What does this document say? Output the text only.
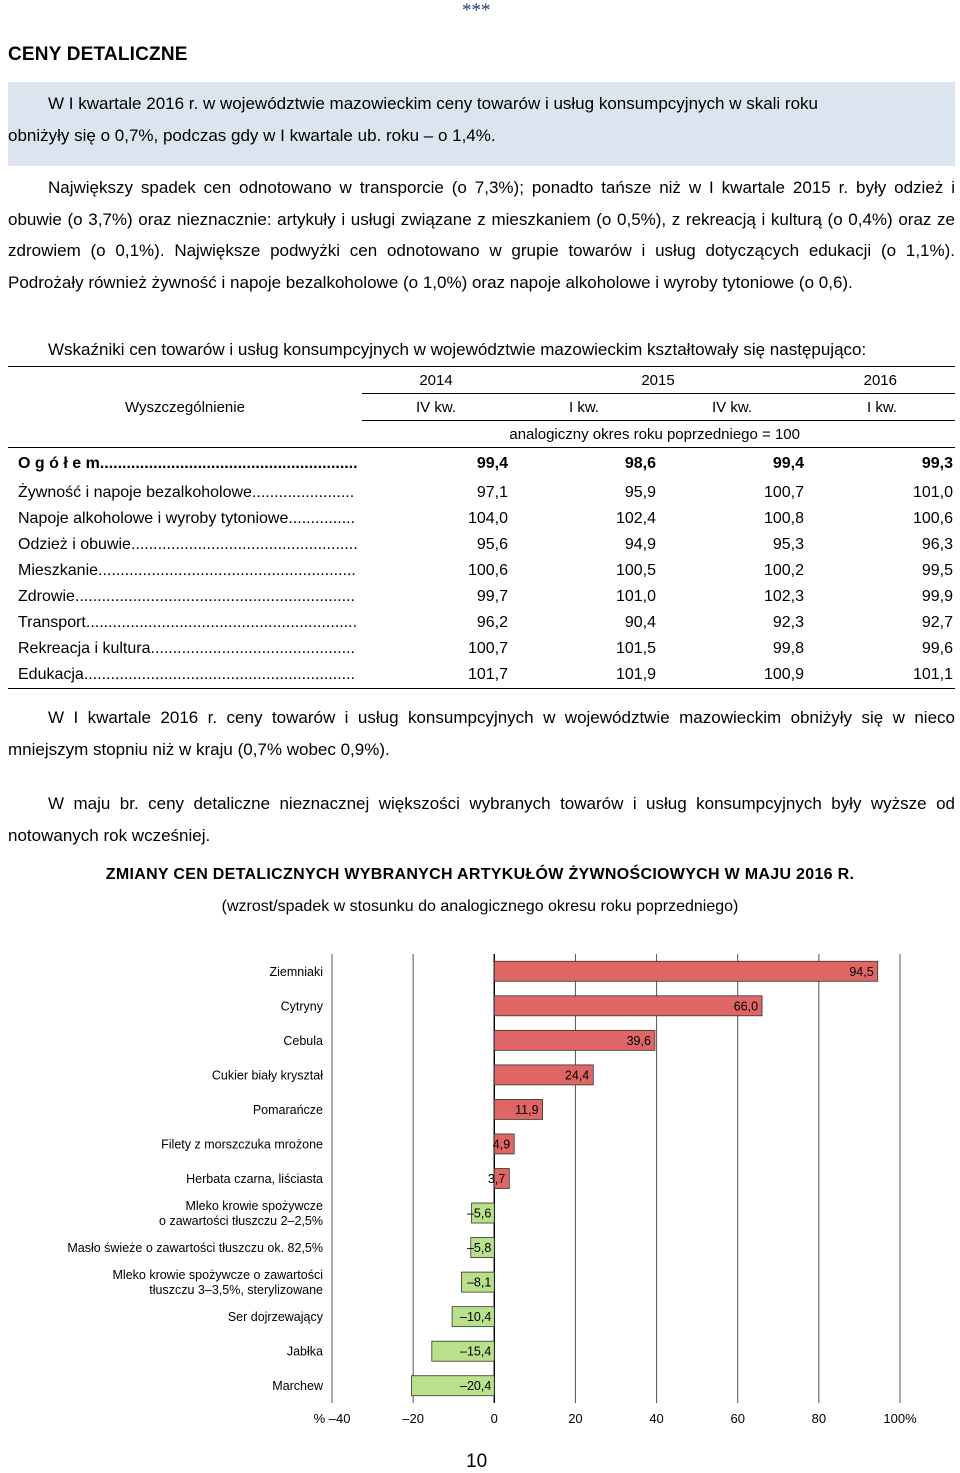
***
CENY DETALICZNE

W I kwartale 2016 r. w województwie mazowieckim ceny towarów i usług konsumpcyjnych w skali roku

obniżyły się o 0,7%, podczas gdy w I kwartale ub. roku – o 1,4%.

Największy spadek cen odnotowano w transporcie (o 7,3%); ponadto tańsze niż w I kwartale 2015 r. były odzież i obuwie (o 3,7%) oraz nieznacznie: artykuły i usługi związane z mieszkaniem (o 0,5%), z rekreacją i kulturą (o 0,4%) oraz ze zdrowiem (o 0,1%). Największe podwyżki cen odnotowano w grupie towarów i usług dotyczących edukacji (o 1,1%). Podrożały również żywność i napoje bezalkoholowe (o 1,0%) oraz napoje alkoholowe i wyroby tytoniowe (o 0,6).

Wskaźniki cen towarów i usług konsumpcyjnych w województwie mazowieckim kształtowały się następująco:

Wyszczególnienie	2014	2015		2016
	IV kw.	I kw.	IV kw.	I kw.
	analogiczny okres roku poprzedniego = 100			
O g ó ł e m..........................................................	99,4	98,6	99,4	99,3
Żywność i napoje bezalkoholowe.......................	97,1	95,9	100,7	101,0
Napoje alkoholowe i wyroby tytoniowe...............	104,0	102,4	100,8	100,6
Odzież i obuwie...................................................	95,6	94,9	95,3	96,3
Mieszkanie..........................................................	100,6	100,5	100,2	99,5
Zdrowie...............................................................	99,7	101,0	102,3	99,9
Transport.............................................................	96,2	90,4	92,3	92,7
Rekreacja i kultura..............................................	100,7	101,5	99,8	99,6
Edukacja.............................................................	101,7	101,9	100,9	101,1

W I kwartale 2016 r. ceny towarów i usług konsumpcyjnych w województwie mazowieckim obniżyły się w nieco mniejszym stopniu niż w kraju (0,7% wobec 0,9%).

W maju br. ceny detaliczne nieznacznej większości wybranych towarów i usług konsumpcyjnych były wyższe od notowanych rok wcześniej.

ZMIANY CEN DETALICZNYCH WYBRANYCH ARTYKUŁÓW ŻYWNOŚCIOWYCH W MAJU 2016 R.
(wzrost/spadek w stosunku do analogicznego okresu roku poprzedniego)
94,5
Ziemniaki
66,0
Cytryny
39,6
Cebula
24,4
Cukier biały kryształ
11,9
Pomarańcze
4,9
Filety z morszczuka mrożone
3,7
Herbata czarna, liściasta
–5,6
Mleko krowie spożywcze
o zawartości tłuszczu 2–2,5%
–5,8
Masło świeże o zawartości tłuszczu ok. 82,5%
–8,1
Mleko krowie spożywcze o zawartości
tłuszczu 3–3,5%, sterylizowane
–10,4
Ser dojrzewający
–15,4
Jabłka
–20,4
Marchew
% –40	–20	0	20	40	60	80	100%
10
